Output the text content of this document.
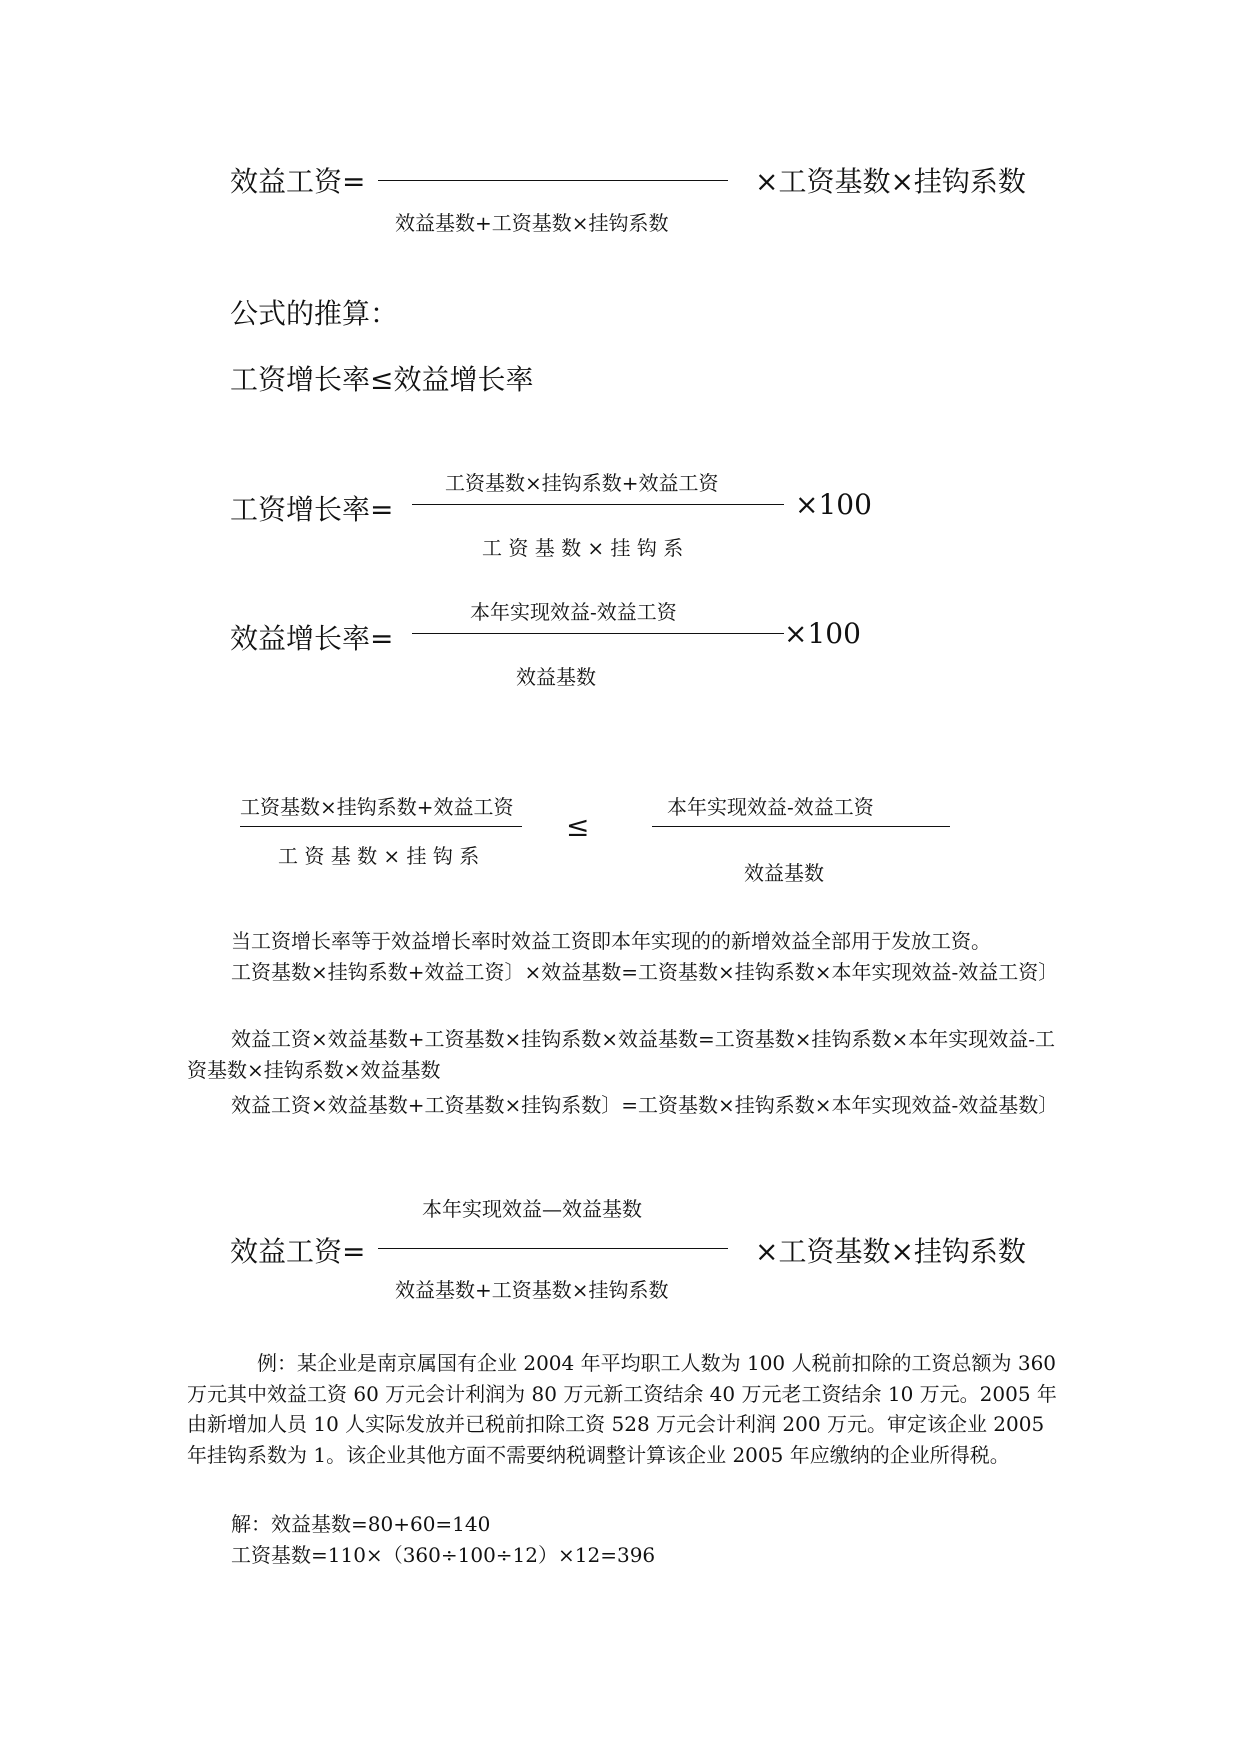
效益工资=	×工资基数×挂钩系数
效益基数+工资基数×挂钩系数
公式的推算：
工资增长率≤效益增长率
工资基数×挂钩系数+效益工资
工资增长率=	×100
工 资 基 数 × 挂 钩 系
本年实现效益-效益工资
效益增长率=	×100
效益基数
工资基数×挂钩系数+效益工资
工 资 基 数 × 挂 钩 系
≤
本年实现效益-效益工资
效益基数
当工资增长率等于效益增长率时效益工资即本年实现的的新增效益全部用于发放工资。
工资基数×挂钩系数+效益工资〕×效益基数=工资基数×挂钩系数×本年实现效益-效益工资〕
效益工资×效益基数+工资基数×挂钩系数×效益基数=工资基数×挂钩系数×本年实现效益-工资基数×挂钩系数×效益基数
效益工资×效益基数+工资基数×挂钩系数〕=工资基数×挂钩系数×本年实现效益-效益基数〕
本年实现效益—效益基数
效益工资=	×工资基数×挂钩系数
效益基数+工资基数×挂钩系数
例：某企业是南京属国有企业 2004 年平均职工人数为 100 人税前扣除的工资总额为 360 万元其中效益工资 60 万元会计利润为 80 万元新工资结余 40 万元老工资结余 10 万元。2005 年由新增加人员 10 人实际发放并已税前扣除工资 528 万元会计利润 200 万元。审定该企业 2005 年挂钩系数为 1。该企业其他方面不需要纳税调整计算该企业 2005 年应缴纳的企业所得税。
解：效益基数=80+60=140
工资基数=110×（360÷100÷12）×12=396
